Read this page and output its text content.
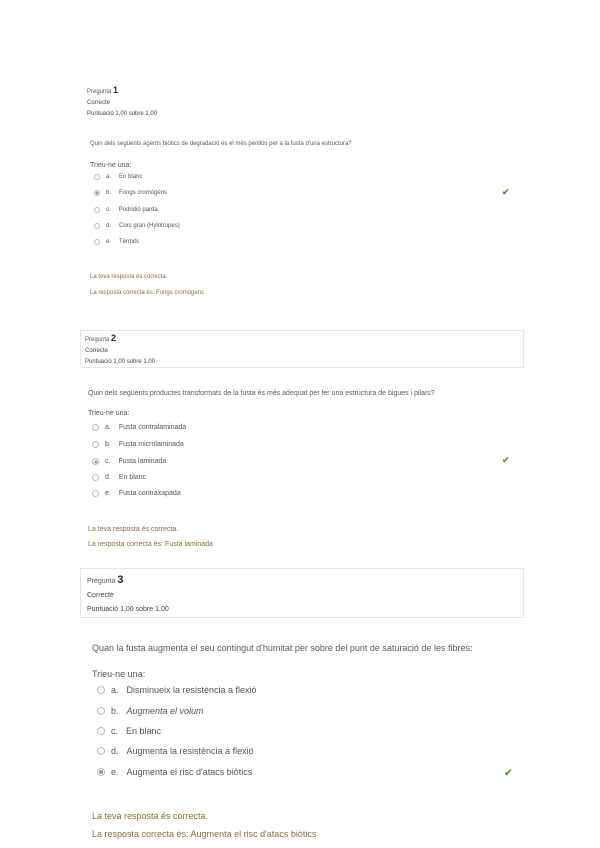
Pregunta 1
Correcte
Puntuació 1,00 sobre 1,00
Quin dels següents agents biòtics de degradació és el més perillós per a la fusta d'una estructura?
Trieu-ne una:
a. En blanc
b. Fongs cromògens
c. Podridió parda
d. Corc gran (Hylotrupes)
e. Tèrmits
✔
La teva resposta és correcta.
La resposta correcta és: Fongs cromògens
Pregunta 2
Correcte
Puntuació 1,00 sobre 1,00
Quin dels següents productes transformats de la fusta és més adequat per fer una estructura de bigues i pilars?
Trieu-ne una:
a. Fusta contralaminada
b. Fusta microlaminada
c. Fusta laminada
d. En blanc
e. Fusta contraxapada
✔
La teva resposta és correcta.
La resposta correcta és: Fusta laminada
Pregunta 3
Correcte
Puntuació 1,00 sobre 1,00
Quan la fusta augmenta el seu contingut d'humitat per sobre del punt de saturació de les fibres:
Trieu-ne una:
a. Disminueix la resistència a flexió
b. Augmenta el volum
c. En blanc
d. Augmenta la resistència a flexió
e. Augmenta el risc d'atacs biòtics	✔
La teva resposta és correcta.
La resposta correcta és: Augmenta el risc d'atacs biòtics
